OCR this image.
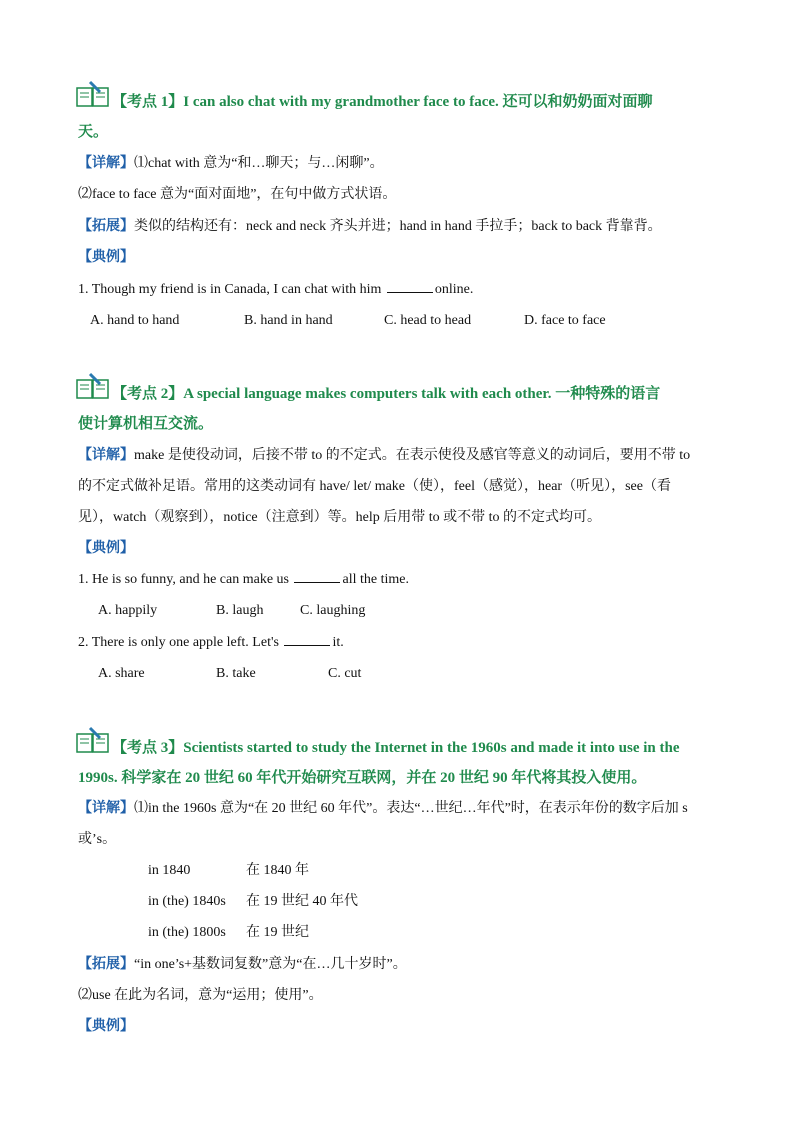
【考点 1】I can also chat with my grandmother face to face. 还可以和奶奶面对面聊
天。
【详解】⑴chat with 意为“和…聊天；与…闲聊”。
⑵face to face 意为“面对面地”，在句中做方式状语。
【拓展】类似的结构还有：neck and neck 齐头并进；hand in hand 手拉手；back to back 背靠背。
【典例】
1. Though my friend is in Canada, I can chat with him	online.
A. hand to hand	B. hand in hand	C. head to head	D. face to face
【考点 2】A special language makes computers talk with each other. 一种特殊的语言
使计算机相互交流。
【详解】make 是使役动词，后接不带 to 的不定式。在表示使役及感官等意义的动词后，要用不带 to
的不定式做补足语。常用的这类动词有 have/ let/ make（使），feel（感觉），hear（听见），see（看
见），watch（观察到），notice（注意到）等。help 后用带 to 或不带 to 的不定式均可。
【典例】
1. He is so funny, and he can make us	all the time.
A. happily	B. laugh	C. laughing
2. There is only one apple left. Let's	it.
A. share	B. take	C. cut
【考点 3】Scientists started to study the Internet in the 1960s and made it into use in the
1990s. 科学家在 20 世纪 60 年代开始研究互联网，并在 20 世纪 90 年代将其投入使用。
【详解】⑴in the 1960s 意为“在 20 世纪 60 年代”。表达“…世纪…年代”时，在表示年份的数字后加 s
或’s。
in 1840	在 1840 年
in (the) 1840s 在 19 世纪 40 年代
in (the) 1800s 在 19 世纪
【拓展】“in one’s+基数词复数”意为“在…几十岁时”。
⑵use 在此为名词，意为“运用；使用”。
【典例】
